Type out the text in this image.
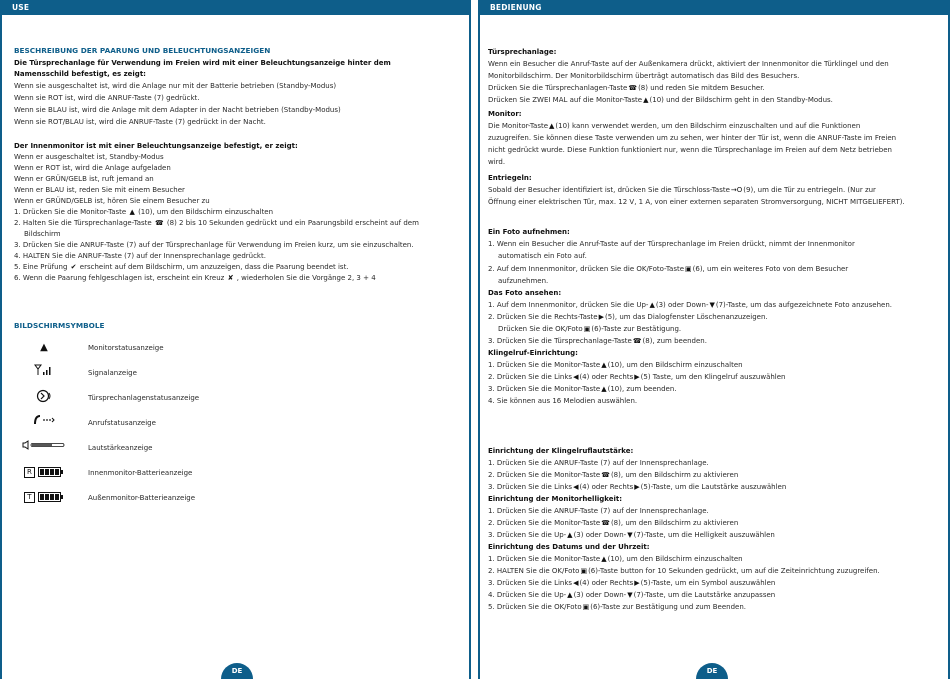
USE
BESCHREIBUNG DER PAARUNG UND BELEUCHTUNGSANZEIGEN
Die Türsprechanlage für Verwendung im Freien wird mit einer Beleuchtungsanzeige hinter dem
Namensschild befestigt, es zeigt:
Wenn sie ausgeschaltet ist, wird die Anlage nur mit der Batterie betrieben (Standby-Modus)
Wenn sie ROT ist, wird die ANRUF-Taste (7) gedrückt.
Wenn sie BLAU ist, wird die Anlage mit dem Adapter in der Nacht betrieben (Standby-Modus)
Wenn sie ROT/BLAU ist, wird die ANRUF-Taste (7) gedrückt in der Nacht.
Der Innenmonitor ist mit einer Beleuchtungsanzeige befestigt, er zeigt:
Wenn er ausgeschaltet ist, Standby-Modus
Wenn er ROT ist, wird die Anlage aufgeladen
Wenn er GRÜN/GELB ist, ruft jemand an
Wenn er BLAU ist, reden Sie mit einem Besucher
Wenn er GRÜND/GELB ist, hören Sie einem Besucher zu
1. Drücken Sie die Monitor-Taste ▲ (10), um den Bildschirm einzuschalten
2. Halten Sie die Türsprechanlage-Taste ☎ (8) 2 bis 10 Sekunden gedrückt und ein Paarungsbild erscheint auf dem
Bildschirm
3. Drücken Sie die ANRUF-Taste (7) auf der Türsprechanlage für Verwendung im Freien kurz, um sie einzuschalten.
4. HALTEN Sie die ANRUF-Taste (7) auf der Innensprechanlage gedrückt.
5. Eine Prüfung ✔ erscheint auf dem Bildschirm, um anzuzeigen, dass die Paarung beendet ist.
6. Wenn die Paarung fehlgeschlagen ist, erscheint ein Kreuz ✘ , wiederholen Sie die Vorgänge 2, 3 + 4
BILDSCHIRMSYMBOLE
▲	Monitorstatusanzeige
Signalanzeige
Türsprechanlagenstatusanzeige
Anrufstatusanzeige
Lautstärkeanzeige
R	Innenmonitor-Batterieanzeige
T	Außenmonitor-Batterieanzeige
DE
BEDIENUNG
Türsprechanlage:
Wenn ein Besucher die Anruf-Taste auf der Außenkamera drückt, aktiviert der Innenmonitor die Türklingel und den
Monitorbildschirm. Der Monitorbildschirm überträgt automatisch das Bild des Besuchers.
Drücken Sie die Türsprechanlagen-Taste☎(8) und reden Sie mitdem Besucher.
Drücken Sie ZWEI MAL auf die Monitor-Taste▲(10) und der Bildschirm geht in den Standby-Modus.
Monitor:
Die Monitor-Taste▲(10) kann verwendet werden, um den Bildschirm einzuschalten und auf die Funktionen
zuzugreifen. Sie können diese Taste verwenden um zu sehen, wer hinter der Tür ist, wenn die ANRUF-Taste im Freien
nicht gedrückt wurde. Diese Funktion funktioniert nur, wenn die Türsprechanlage im Freien auf dem Netz betrieben
wird.
Entriegeln:
Sobald der Besucher identifiziert ist, drücken Sie die Türschloss-Taste→O(9), um die Tür zu entriegeln. (Nur zur
Öffnung einer elektrischen Tür, max. 12 V, 1 A, von einer externen separaten Stromversorgung, NICHT MITGELIEFERT).
Ein Foto aufnehmen:
1. Wenn ein Besucher die Anruf-Taste auf der Türsprechanlage im Freien drückt, nimmt der Innenmonitor
automatisch ein Foto auf.
2. Auf dem Innenmonitor, drücken Sie die OK/Foto-Taste▣(6), um ein weiteres Foto von dem Besucher
aufzunehmen.
Das Foto ansehen:
1. Auf dem Innenmonitor, drücken Sie die Up-▲(3) oder Down-▼(7)-Taste, um das aufgezeichnete Foto anzusehen.
2. Drücken Sie die Rechts-Taste▶(5), um das Dialogfenster Löschenanzuzeigen.
Drücken Sie die OK/Foto▣(6)-Taste zur Bestätigung.
3. Drücken Sie die Türsprechanlage-Taste☎(8), zum beenden.
Klingelruf-Einrichtung:
1. Drücken Sie die Monitor-Taste▲(10), um den Bildschirm einzuschalten
2. Drücken Sie die Links◀(4) oder Rechts▶(5) Taste, um den Klingelruf auszuwählen
3. Drücken Sie die Monitor-Taste▲(10), zum beenden.
4. Sie können aus 16 Melodien auswählen.
Einrichtung der Klingelruflautstärke:
1. Drücken Sie die ANRUF-Taste (7) auf der Innensprechanlage.
2. Drücken Sie die Monitor-Taste☎(8), um den Bildschirm zu aktivieren
3. Drücken Sie die Links◀(4) oder Rechts▶(5)-Taste, um die Lautstärke auszuwählen
Einrichtung der Monitorhelligkeit:
1. Drücken Sie die ANRUF-Taste (7) auf der Innensprechanlage.
2. Drücken Sie die Monitor-Taste☎(8), um den Bildschirm zu aktivieren
3. Drücken Sie die Up-▲(3) oder Down-▼(7)-Taste, um die Helligkeit auszuwählen
Einrichtung des Datums und der Uhrzeit:
1. Drücken Sie die Monitor-Taste▲(10), um den Bildschirm einzuschalten
2. HALTEN Sie die OK/Foto▣(6)-Taste button for 10 Sekunden gedrückt, um auf die Zeiteinrichtung zuzugreifen.
3. Drücken Sie die Links◀(4) oder Rechts▶(5)-Taste, um ein Symbol auszuwählen
4. Drücken Sie die Up-▲(3) oder Down-▼(7)-Taste, um die Lautstärke anzupassen
5. Drücken Sie die OK/Foto▣(6)-Taste zur Bestätigung und zum Beenden.
DE
